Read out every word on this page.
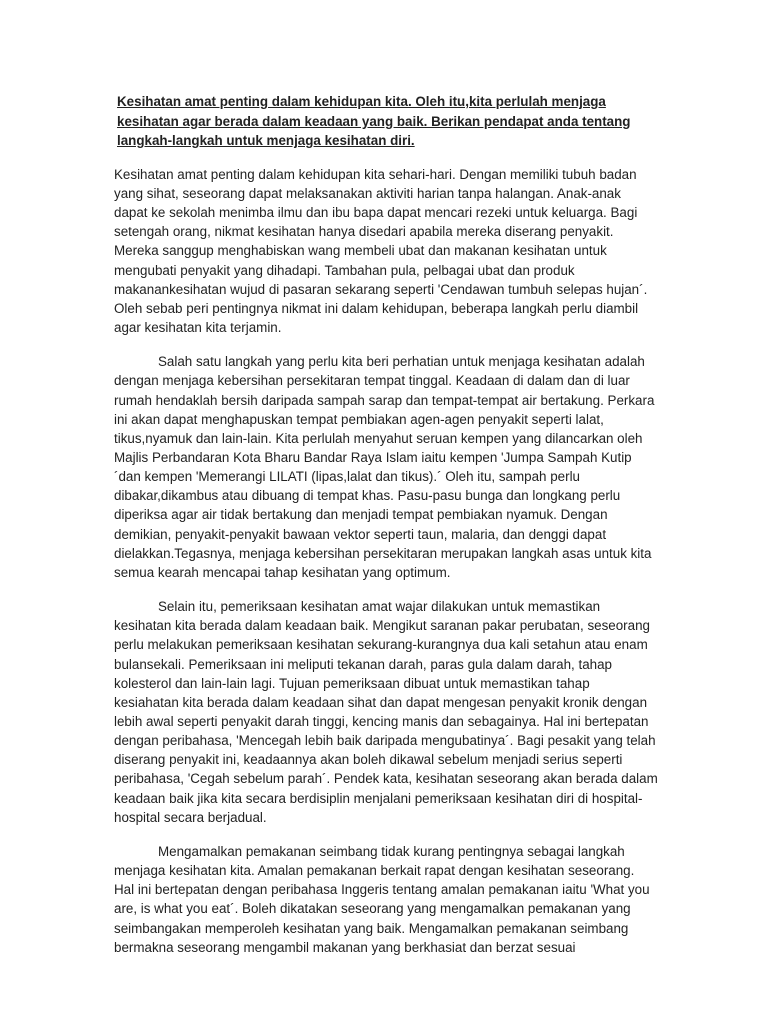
Kesihatan amat penting dalam kehidupan kita. Oleh itu,kita perlulah menjaga kesihatan agar berada dalam keadaan yang baik. Berikan pendapat anda tentang langkah-langkah untuk menjaga kesihatan diri.

Kesihatan amat penting dalam kehidupan kita sehari-hari. Dengan memiliki tubuh badan yang sihat, seseorang dapat melaksanakan aktiviti harian tanpa halangan. Anak-anak dapat ke sekolah menimba ilmu dan ibu bapa dapat mencari rezeki untuk keluarga. Bagi setengah orang, nikmat kesihatan hanya disedari apabila mereka diserang penyakit. Mereka sanggup menghabiskan wang membeli ubat dan makanan kesihatan untuk mengubati penyakit yang dihadapi. Tambahan pula, pelbagai ubat dan produk makanankesihatan wujud di pasaran sekarang seperti 'Cendawan tumbuh selepas hujan´. Oleh sebab peri pentingnya nikmat ini dalam kehidupan, beberapa langkah perlu diambil agar kesihatan kita terjamin.

Salah satu langkah yang perlu kita beri perhatian untuk menjaga kesihatan adalah dengan menjaga kebersihan persekitaran tempat tinggal. Keadaan di dalam dan di luar rumah hendaklah bersih daripada sampah sarap dan tempat-tempat air bertakung. Perkara ini akan dapat menghapuskan tempat pembiakan agen-agen penyakit seperti lalat, tikus,nyamuk dan lain-lain. Kita perlulah menyahut seruan kempen yang dilancarkan oleh Majlis Perbandaran Kota Bharu Bandar Raya Islam iaitu kempen 'Jumpa Sampah Kutip´dan kempen 'Memerangi LILATI (lipas,lalat dan tikus).´ Oleh itu, sampah perlu dibakar,dikambus atau dibuang di tempat khas. Pasu-pasu bunga dan longkang perlu diperiksa agar air tidak bertakung dan menjadi tempat pembiakan nyamuk. Dengan demikian, penyakit-penyakit bawaan vektor seperti taun, malaria, dan denggi dapat dielakkan.Tegasnya, menjaga kebersihan persekitaran merupakan langkah asas untuk kita semua kearah mencapai tahap kesihatan yang optimum.

Selain itu, pemeriksaan kesihatan amat wajar dilakukan untuk memastikan kesihatan kita berada dalam keadaan baik. Mengikut saranan pakar perubatan, seseorang perlu melakukan pemeriksaan kesihatan sekurang-kurangnya dua kali setahun atau enam bulansekali. Pemeriksaan ini meliputi tekanan darah, paras gula dalam darah, tahap kolesterol dan lain-lain lagi. Tujuan pemeriksaan dibuat untuk memastikan tahap kesiahatan kita berada dalam keadaan sihat dan dapat mengesan penyakit kronik dengan lebih awal seperti penyakit darah tinggi, kencing manis dan sebagainya. Hal ini bertepatan dengan peribahasa, 'Mencegah lebih baik daripada mengubatinya´. Bagi pesakit yang telah diserang penyakit ini, keadaannya akan boleh dikawal sebelum menjadi serius seperti peribahasa, 'Cegah sebelum parah´. Pendek kata, kesihatan seseorang akan berada dalam keadaan baik jika kita secara berdisiplin menjalani pemeriksaan kesihatan diri di hospital-hospital secara berjadual.

Mengamalkan pemakanan seimbang tidak kurang pentingnya sebagai langkah menjaga kesihatan kita. Amalan pemakanan berkait rapat dengan kesihatan seseorang. Hal ini bertepatan dengan peribahasa Inggeris tentang amalan pemakanan iaitu 'What you are, is what you eat´. Boleh dikatakan seseorang yang mengamalkan pemakanan yang seimbangakan memperoleh kesihatan yang baik. Mengamalkan pemakanan seimbang bermakna seseorang mengambil makanan yang berkhasiat dan berzat sesuai
